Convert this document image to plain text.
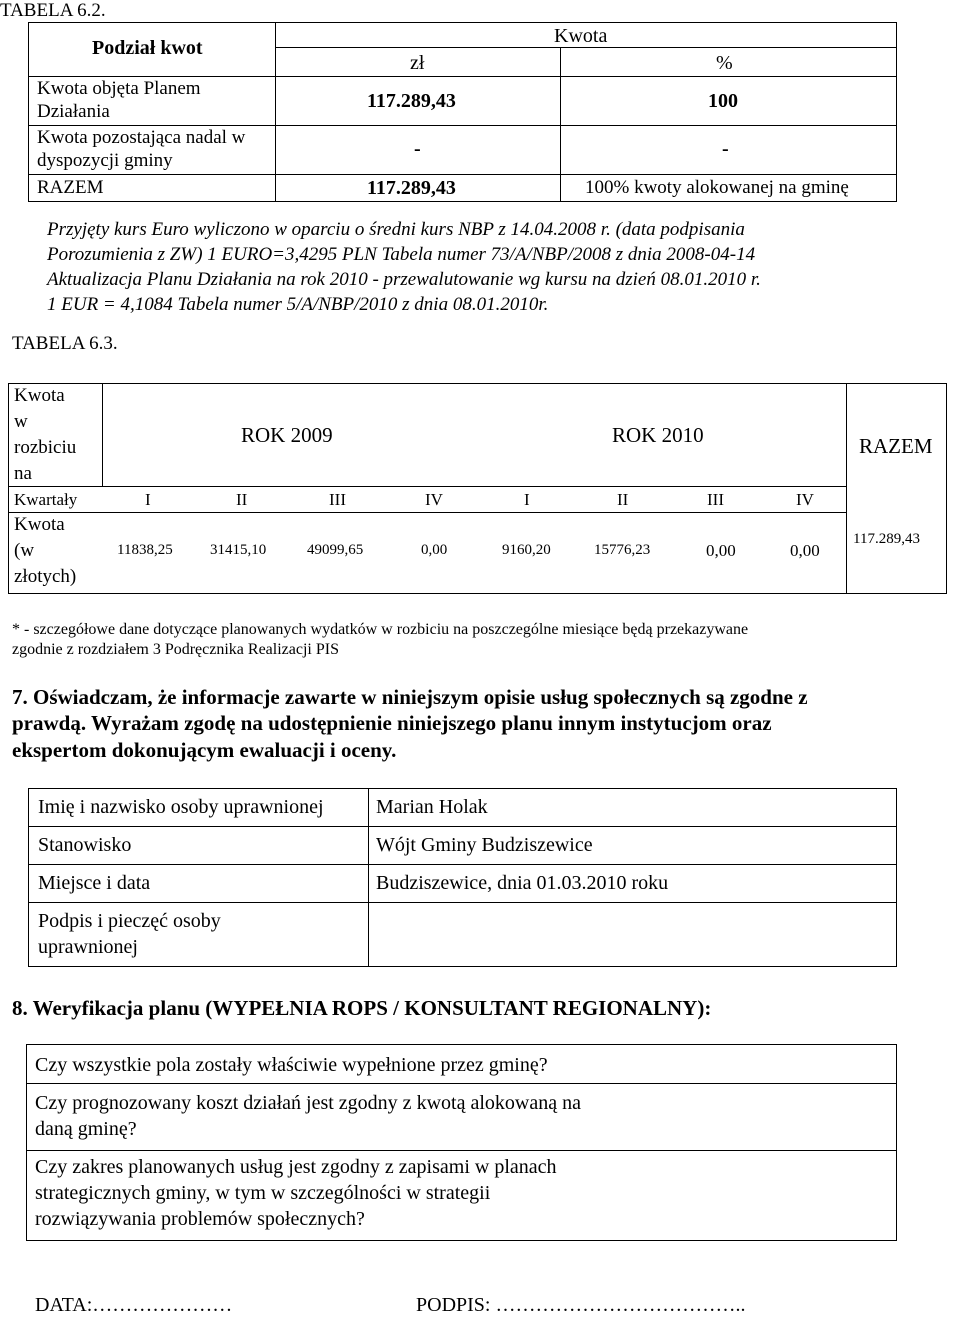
TABELA 6.2.
Podział kwot
Kwota
zł	%
Kwota objęta Planem
Działania	117.289,43	100
Kwota pozostająca nadal w
dyspozycji gminy
-	-
RAZEM	117.289,43	100% kwoty alokowanej na gminę
Przyjęty kurs Euro wyliczono w oparciu o średni kurs NBP z 14.04.2008 r. (data podpisania
Porozumienia z ZW) 1 EURO=3,4295 PLN Tabela numer 73/A/NBP/2008 z dnia 2008-04-14
Aktualizacja Planu Działania na rok 2010 - przewalutowanie wg kursu na dzień 08.01.2010 r.
1 EUR = 4,1084 Tabela numer 5/A/NBP/2010 z dnia 08.01.2010r.
TABELA 6.3.
Kwota
w
rozbiciu
na
ROK 2009	ROK 2010	RAZEM
Kwartały	I	II	III	IV	I	II	III	IV
Kwota
(w
złotych)
11838,25 31415,10	49099,65	0,00	9160,20	15776,23	0,00	0,00
117.289,43
* - szczegółowe dane dotyczące planowanych wydatków w rozbiciu na poszczególne miesiące będą przekazywane
zgodnie z rozdziałem 3 Podręcznika Realizacji PIS
7. Oświadczam, że informacje zawarte w niniejszym opisie usług społecznych są zgodne z
prawdą. Wyrażam zgodę na udostępnienie niniejszego planu innym instytucjom oraz
ekspertom dokonującym ewaluacji i oceny.
Imię i nazwisko osoby uprawnionej	Marian Holak
Stanowisko	Wójt Gminy Budziszewice
Miejsce i data	Budziszewice, dnia 01.03.2010 roku
Podpis i pieczęć osoby
uprawnionej
8. Weryfikacja planu (WYPEŁNIA ROPS / KONSULTANT REGIONALNY):
Czy wszystkie pola zostały właściwie wypełnione przez gminę?
Czy prognozowany koszt działań jest zgodny z kwotą alokowaną na
daną gminę?
Czy zakres planowanych usług jest zgodny z zapisami w planach
strategicznych gminy, w tym w szczególności w strategii
rozwiązywania problemów społecznych?
DATA:…………………	PODPIS: ………………………………..
